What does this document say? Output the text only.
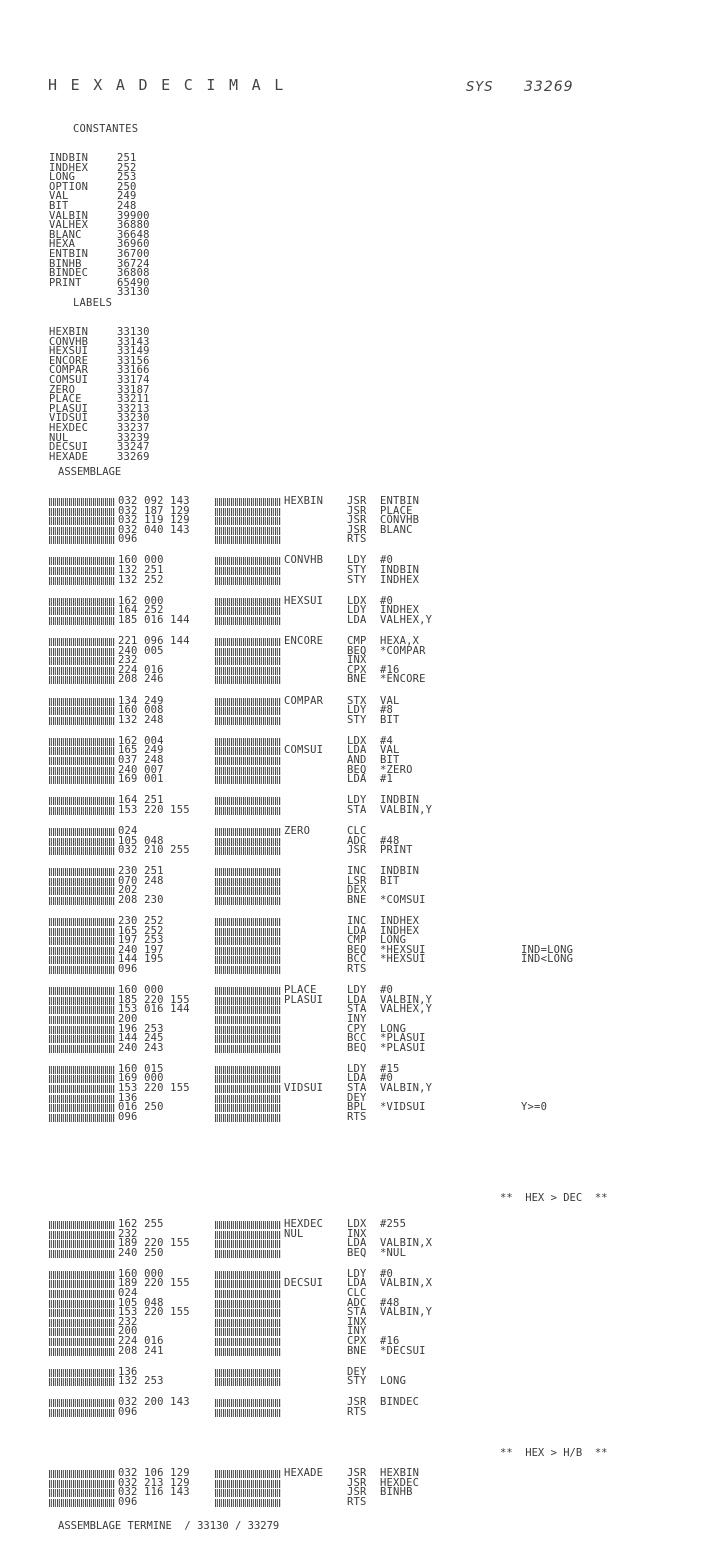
HEXADECIMAL	SYS 33269

CONSTANTES

INDBIN	251
INDHEX	252
LONG	253
OPTION	250
VAL	249
BIT	248
VALBIN	39900
VALHEX	36880
BLANC	36648
HEXA	36960
ENTBIN	36700
BINHB	36724
BINDEC	36808
PRINT	65490
33130

LABELS

HEXBIN	33130
CONVHB	33143
HEXSUI	33149
ENCORE	33156
COMPAR	33166
COMSUI	33174
ZERO	33187
PLACE	33211
PLASUI	33213
VIDSUI	33230
HEXDEC	33237
NUL	33239
DECSUI	33247
HEXADE	33269

ASSEMBLAGE
032 092 143	HEXBIN	JSR	ENTBIN
032 187 129	JSR	PLACE
032 119 129	JSR	CONVHB
032 040 143	JSR	BLANC
096	RTS
160 000	CONVHB	LDY	#0
132 251	STY	INDBIN
132 252	STY	INDHEX
162 000	HEXSUI	LDX	#0
164 252	LDY	INDHEX
185 016 144	LDA	VALHEX,Y
221 096 144	ENCORE	CMP	HEXA,X
240 005	BEQ	*COMPAR
232	INX
224 016	CPX	#16
208 246	BNE	*ENCORE
134 249	COMPAR	STX	VAL
160 008	LDY	#8
132 248	STY	BIT
162 004	LDX	#4
165 249	COMSUI	LDA	VAL
037 248	AND	BIT
240 007	BEQ	*ZERO
169 001	LDA	#1
164 251	LDY	INDBIN
153 220 155	STA	VALBIN,Y
024	ZERO	CLC
105 048	ADC	#48
032 210 255	JSR	PRINT
230 251	INC	INDBIN
070 248	LSR	BIT
202	DEX
208 230	BNE	*COMSUI
230 252	INC	INDHEX
165 252	LDA	INDHEX
197 253	CMP	LONG
240 197	BEQ	*HEXSUI	IND=LONG
144 195	BCC	*HEXSUI	IND<LONG
096	RTS
160 000	PLACE	LDY	#0
185 220 155	PLASUI	LDA	VALBIN,Y
153 016 144	STA	VALHEX,Y
200	INY
196 253	CPY	LONG
144 245	BCC	*PLASUI
240 243	BEQ	*PLASUI
160 015	LDY	#15
169 000	LDA	#0
153 220 155	VIDSUI	STA	VALBIN,Y
136	DEY
016 250	BPL	*VIDSUI	Y>=0
096	RTS
**  HEX > DEC  **
162 255	HEXDEC	LDX	#255
232	NUL	INX
189 220 155	LDA	VALBIN,X
240 250	BEQ	*NUL
160 000	LDY	#0
189 220 155	DECSUI	LDA	VALBIN,X
024	CLC
105 048	ADC	#48
153 220 155	STA	VALBIN,Y
232	INX
200	INY
224 016	CPX	#16
208 241	BNE	*DECSUI
136	DEY
132 253	STY	LONG
032 200 143	JSR	BINDEC
096	RTS
**  HEX > H/B  **
032 106 129	HEXADE	JSR	HEXBIN
032 213 129	JSR	HEXDEC
032 116 143	JSR	BINHB
096	RTS
ASSEMBLAGE TERMINE  / 33130 / 33279
